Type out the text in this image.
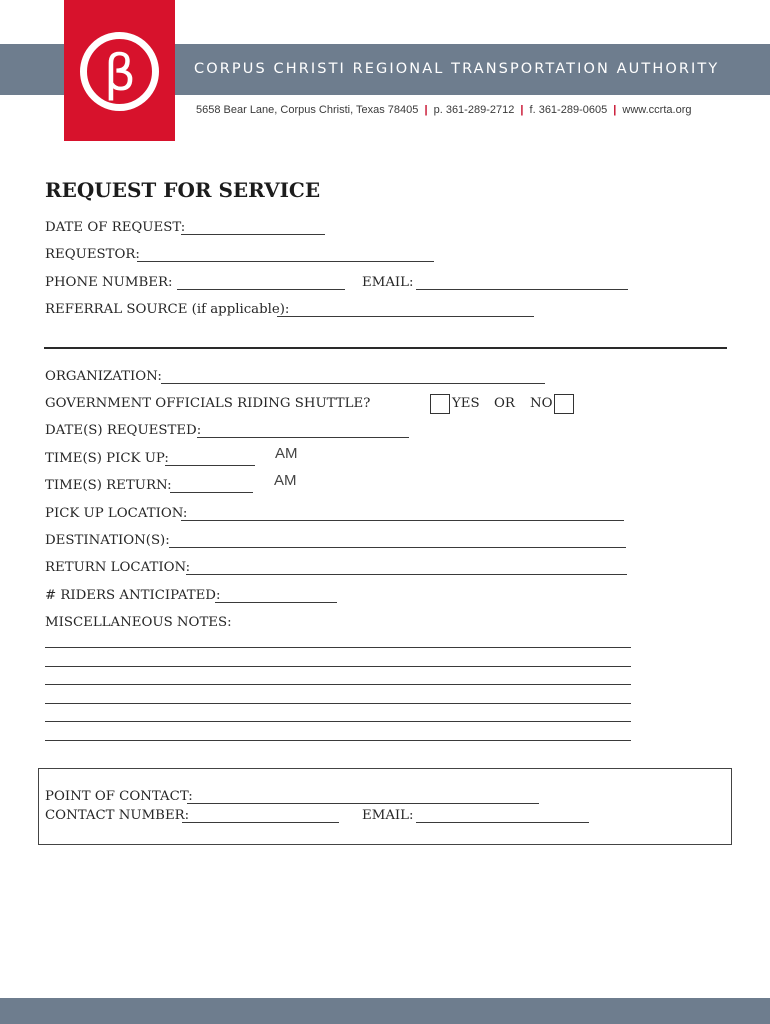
β	CORPUS CHRISTI REGIONAL TRANSPORTATION AUTHORITY
5658 Bear Lane, Corpus Christi, Texas 78405 | p. 361-289-2712 | f. 361-289-0605 | www.ccrta.org
REQUEST FOR SERVICE
DATE OF REQUEST:
REQUESTOR:
PHONE NUMBER:	EMAIL:
REFERRAL SOURCE (if applicable):
ORGANIZATION:
GOVERNMENT OFFICIALS RIDING SHUTTLE?	YES OR NO
DATE(S) REQUESTED:
TIME(S) PICK UP:	AM
TIME(S) RETURN:	AM
PICK UP LOCATION:
DESTINATION(S):
RETURN LOCATION:
# RIDERS ANTICIPATED:
MISCELLANEOUS NOTES:
POINT OF CONTACT:
CONTACT NUMBER:	EMAIL:
